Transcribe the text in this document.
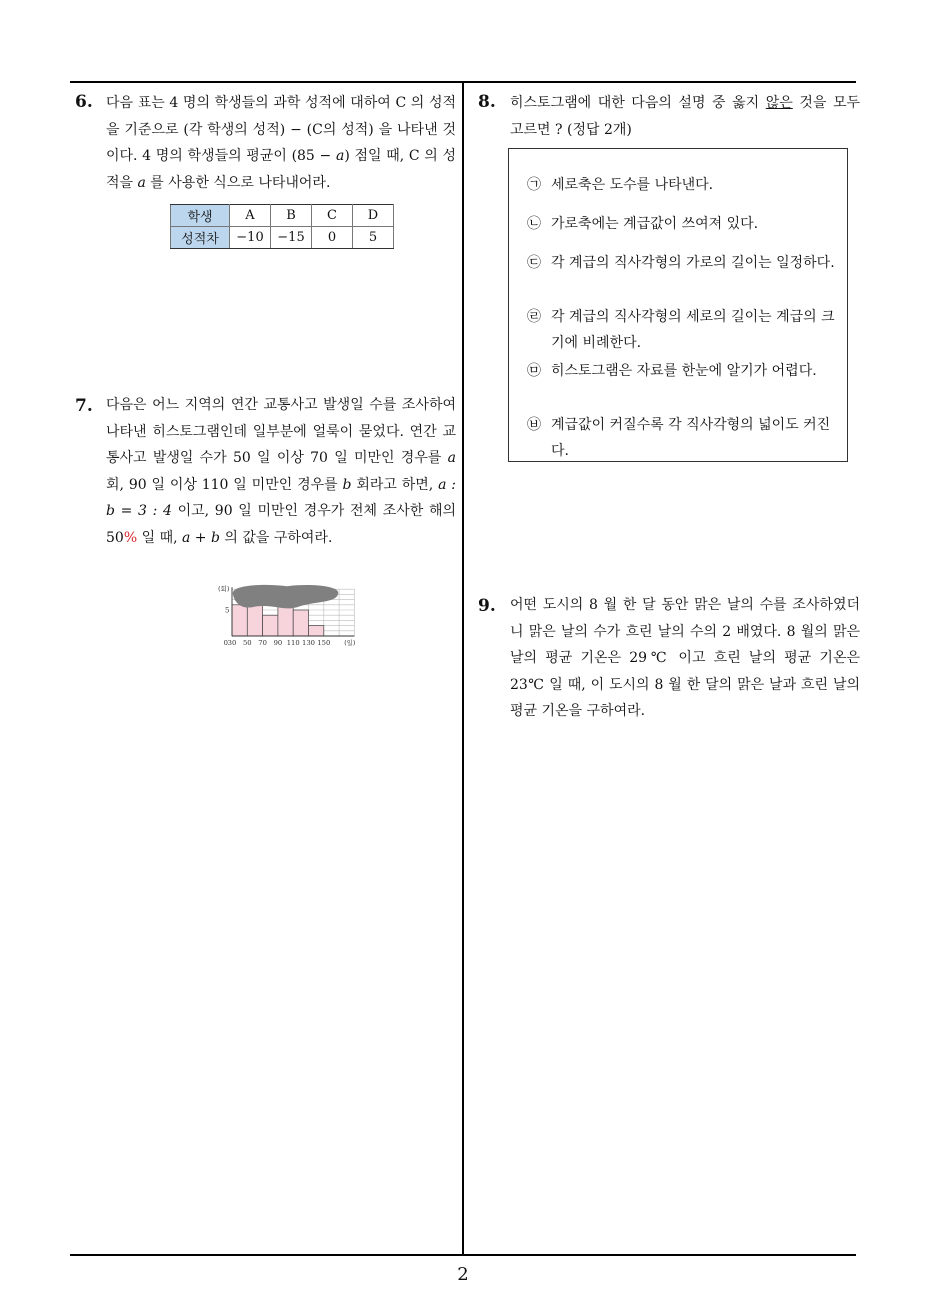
6. 다음 표는 4 명의 학생들의 과학 성적에 대하여 C 의 성적을 기준으로 (각 학생의 성적) − (C의 성적) 을 나타낸 것이다. 4 명의 학생들의 평균이 (85 − a) 점일 때, C 의 성적을 a 를 사용한 식으로 나타내어라.
학생	A	B	C	D
성적차	−10	−15	0	5
7. 다음은 어느 지역의 연간 교통사고 발생일 수를 조사하여 나타낸 히스토그램인데 일부분에 얼룩이 묻었다. 연간 교통사고 발생일 수가 50 일 이상 70 일 미만인 경우를 a 회, 90 일 이상 110 일 미만인 경우를 b 회라고 하면, a : b = 3 : 4 이고, 90 일 미만인 경우가 전체 조사한 해의 50% 일 때, a + b 의 값을 구하여라.
(회)
5
0 30 50 70 90 110 130 150 (일)
8. 히스토그램에 대한 다음의 설명 중 옳지 않은 것을 모두 고르면 ? (정답 2개)
㉠ 세로축은 도수를 나타낸다.
㉡ 가로축에는 계급값이 쓰여져 있다.
㉢ 각 계급의 직사각형의 가로의 길이는 일정하다.
㉣ 각 계급의 직사각형의 세로의 길이는 계급의 크기에 비례한다.
㉤ 히스토그램은 자료를 한눈에 알기가 어렵다.
㉥ 계급값이 커질수록 각 직사각형의 넓이도 커진다.
9. 어떤 도시의 8 월 한 달 동안 맑은 날의 수를 조사하였더니 맑은 날의 수가 흐린 날의 수의 2 배였다. 8 월의 맑은 날의 평균 기온은 29℃ 이고 흐린 날의 평균 기온은 23℃ 일 때, 이 도시의 8 월 한 달의 맑은 날과 흐린 날의 평균 기온을 구하여라.
2
